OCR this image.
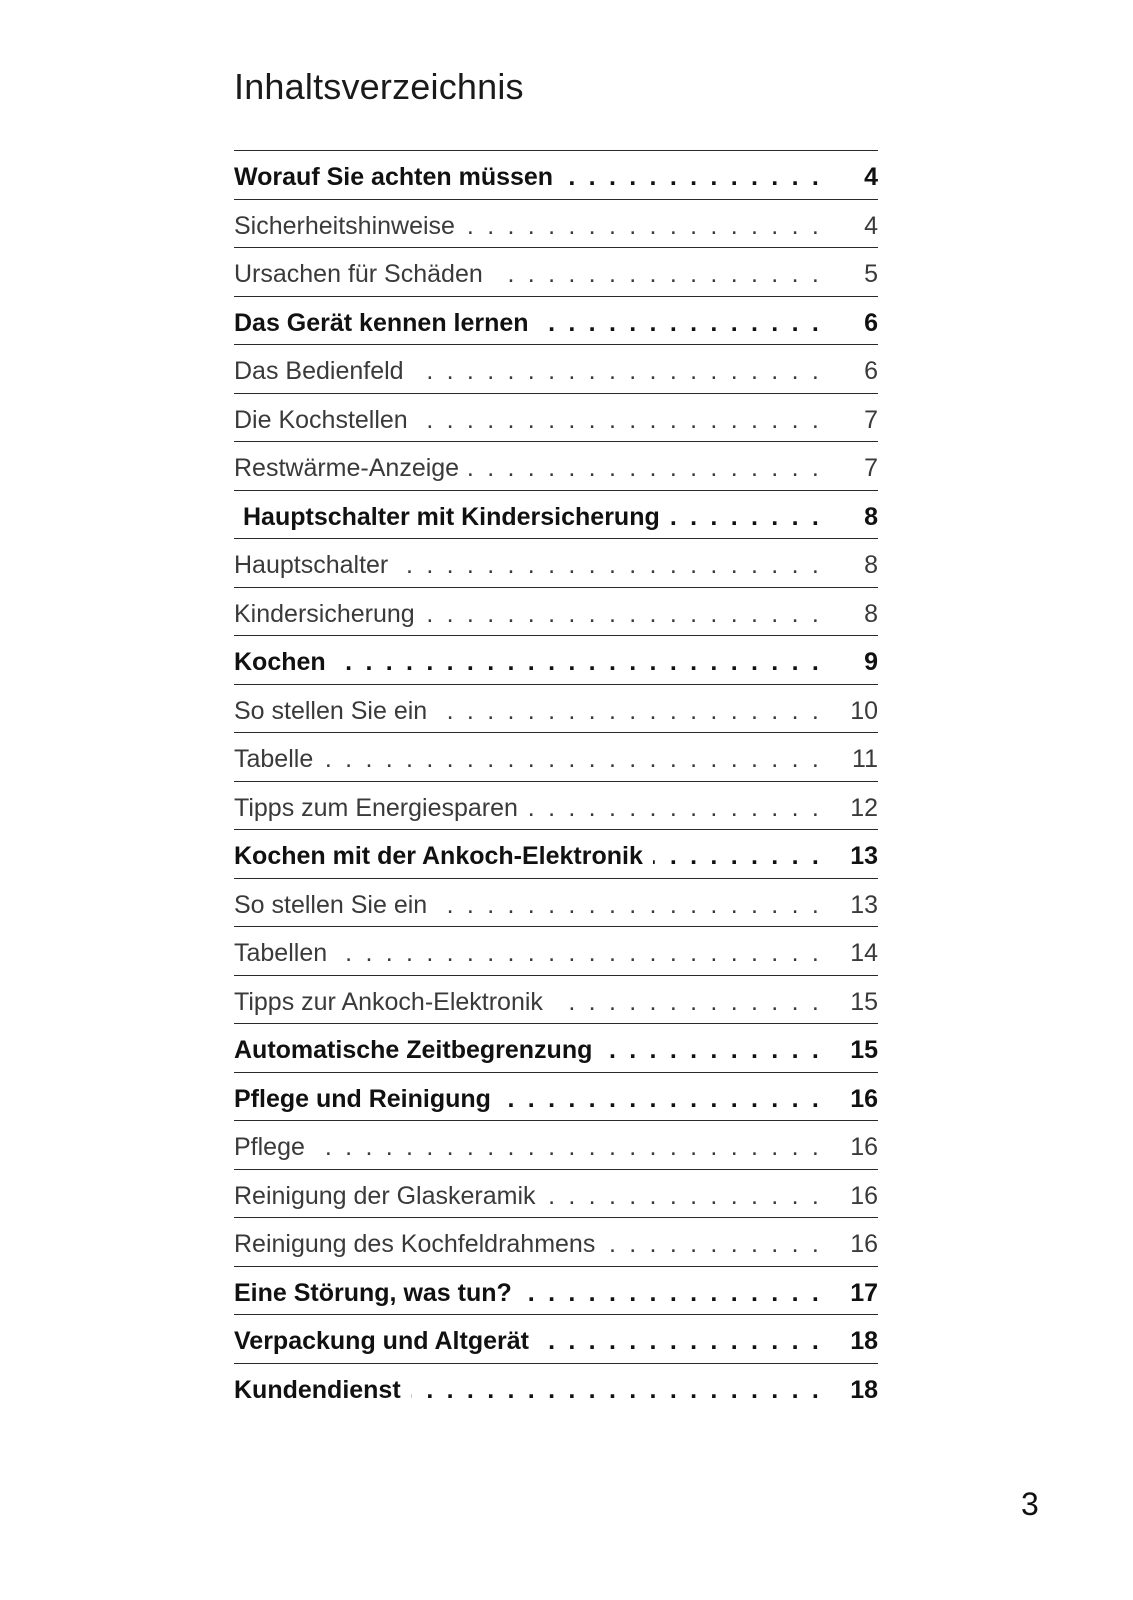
Inhaltsverzeichnis
Worauf Sie achten müssen . . .	4
Sicherheitshinweise . . .	4
Ursachen für Schäden . . .	5
Das Gerät kennen lernen . . .	6
Das Bedienfeld . . .	6
Die Kochstellen . . .	7
Restwärme-Anzeige . . .	7
Hauptschalter mit Kindersicherung . . .	8
Hauptschalter . . .	8
Kindersicherung . . .	8
Kochen . . .	9
So stellen Sie ein . . .	10
Tabelle . . .	11
Tipps zum Energiesparen . . .	12
Kochen mit der Ankoch-Elektronik . . .	13
So stellen Sie ein . . .	13
Tabellen . . .	14
Tipps zur Ankoch-Elektronik . . .	15
Automatische Zeitbegrenzung . . .	15
Pflege und Reinigung . . .	16
Pflege . . .	16
Reinigung der Glaskeramik . . .	16
Reinigung des Kochfeldrahmens . . .	16
Eine Störung, was tun? . . .	17
Verpackung und Altgerät . . .	18
Kundendienst . . .	18
3
